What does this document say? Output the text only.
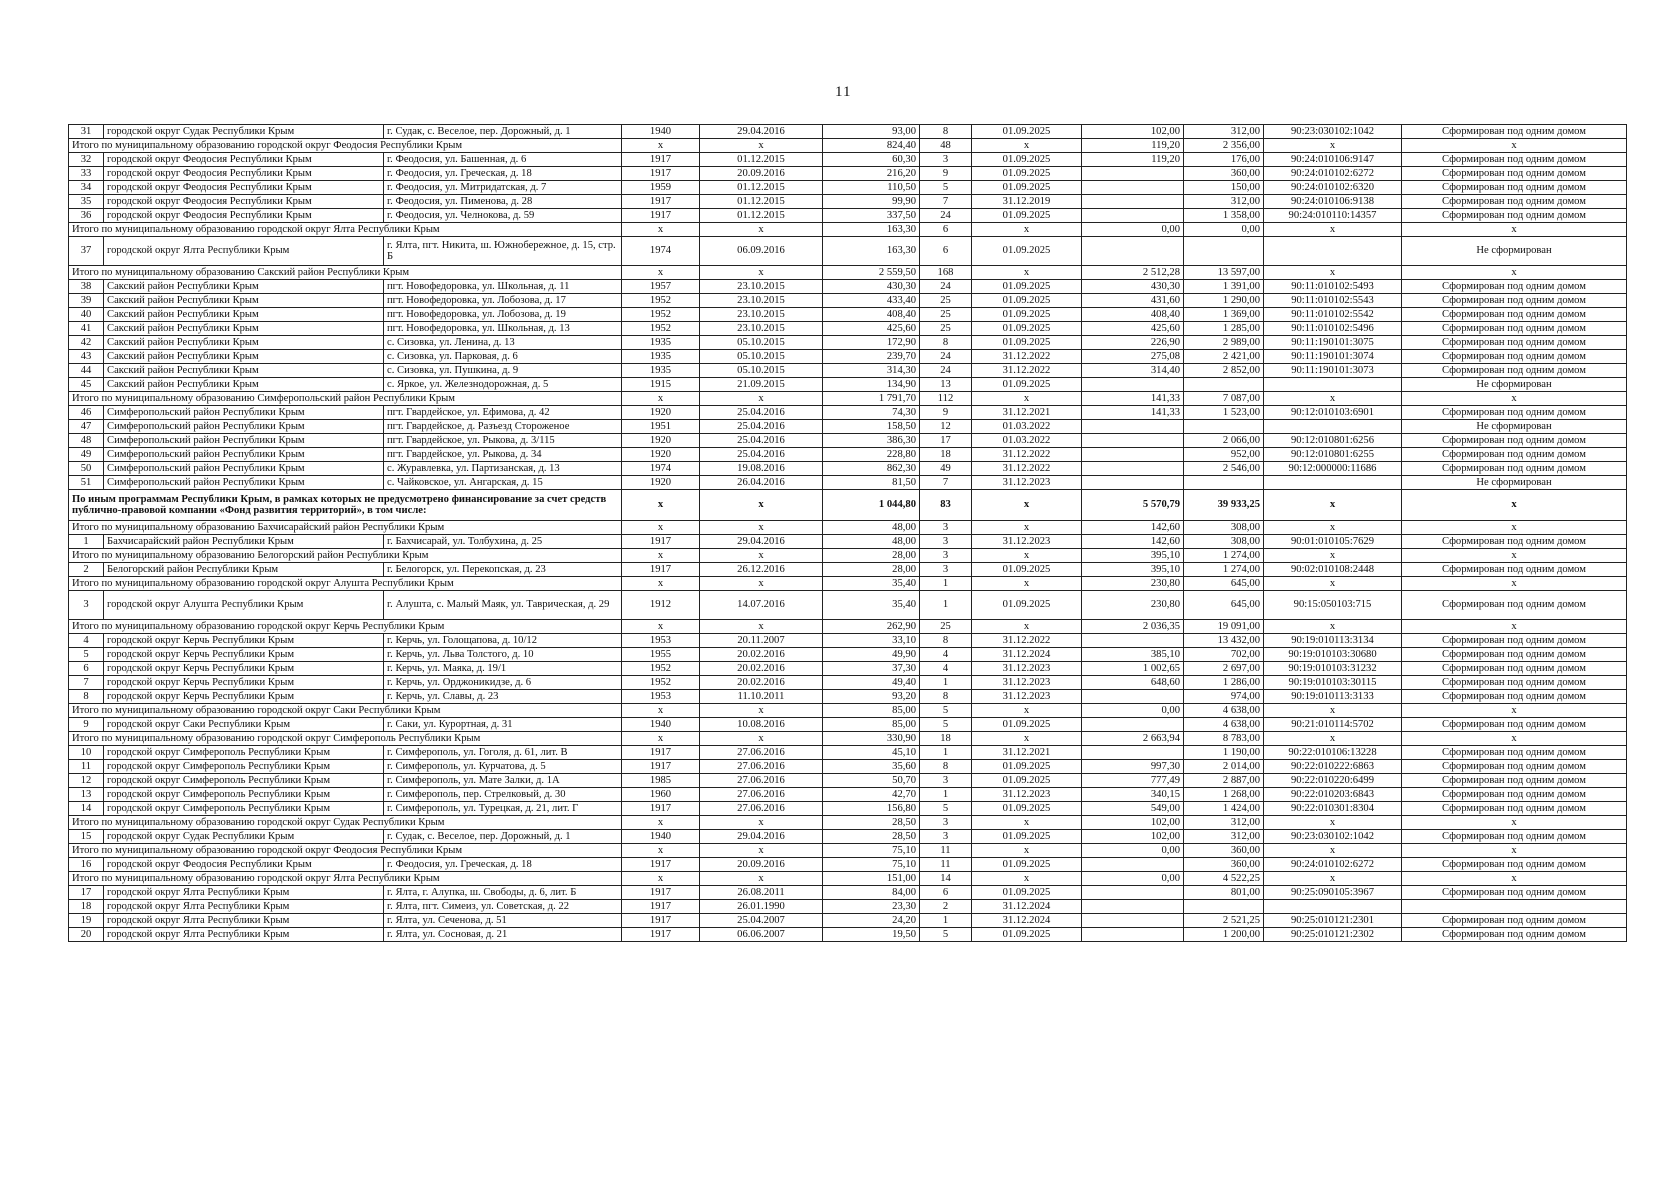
11
31	городской округ Судак Республики Крым	г. Судак, с. Веселое, пер. Дорожный, д. 1	1940	29.04.2016	93,00	8	01.09.2025	102,00	312,00	90:23:030102:1042	Сформирован под одним домом
Итого по муниципальному образованию городской округ Феодосия Республики Крым			x	x	824,40	48	x	119,20	2 356,00	x	x
32	городской округ Феодосия Республики Крым	г. Феодосия, ул. Башенная, д. 6	1917	01.12.2015	60,30	3	01.09.2025	119,20	176,00	90:24:010106:9147	Сформирован под одним домом
33	городской округ Феодосия Республики Крым	г. Феодосия, ул. Греческая, д. 18	1917	20.09.2016	216,20	9	01.09.2025		360,00	90:24:010102:6272	Сформирован под одним домом
34	городской округ Феодосия Республики Крым	г. Феодосия, ул. Митридатская, д. 7	1959	01.12.2015	110,50	5	01.09.2025		150,00	90:24:010102:6320	Сформирован под одним домом
35	городской округ Феодосия Республики Крым	г. Феодосия, ул. Пименова, д. 28	1917	01.12.2015	99,90	7	31.12.2019		312,00	90:24:010106:9138	Сформирован под одним домом
36	городской округ Феодосия Республики Крым	г. Феодосия, ул. Челнокова, д. 59	1917	01.12.2015	337,50	24	01.09.2025		1 358,00	90:24:010110:14357	Сформирован под одним домом
Итого по муниципальному образованию городской округ Ялта Республики Крым			x	x	163,30	6	x	0,00	0,00	x	x
37	городской округ Ялта Республики Крым	г. Ялта, пгт. Никита, ш. Южнобережное, д. 15, стр. Б	1974	06.09.2016	163,30	6	01.09.2025				Не сформирован
Итого по муниципальному образованию Сакский район Республики Крым			x	x	2 559,50	168	x	2 512,28	13 597,00	x	x
38	Сакский район Республики Крым	пгт. Новофедоровка, ул. Школьная, д. 11	1957	23.10.2015	430,30	24	01.09.2025	430,30	1 391,00	90:11:010102:5493	Сформирован под одним домом
39	Сакский район Республики Крым	пгт. Новофедоровка, ул. Лобозова, д. 17	1952	23.10.2015	433,40	25	01.09.2025	431,60	1 290,00	90:11:010102:5543	Сформирован под одним домом
40	Сакский район Республики Крым	пгт. Новофедоровка, ул. Лобозова, д. 19	1952	23.10.2015	408,40	25	01.09.2025	408,40	1 369,00	90:11:010102:5542	Сформирован под одним домом
41	Сакский район Республики Крым	пгт. Новофедоровка, ул. Школьная, д. 13	1952	23.10.2015	425,60	25	01.09.2025	425,60	1 285,00	90:11:010102:5496	Сформирован под одним домом
42	Сакский район Республики Крым	с. Сизовка, ул. Ленина, д. 13	1935	05.10.2015	172,90	8	01.09.2025	226,90	2 989,00	90:11:190101:3075	Сформирован под одним домом
43	Сакский район Республики Крым	с. Сизовка, ул. Парковая, д. 6	1935	05.10.2015	239,70	24	31.12.2022	275,08	2 421,00	90:11:190101:3074	Сформирован под одним домом
44	Сакский район Республики Крым	с. Сизовка, ул. Пушкина, д. 9	1935	05.10.2015	314,30	24	31.12.2022	314,40	2 852,00	90:11:190101:3073	Сформирован под одним домом
45	Сакский район Республики Крым	с. Яркое, ул. Железнодорожная, д. 5	1915	21.09.2015	134,90	13	01.09.2025				Не сформирован
Итого по муниципальному образованию Симферопольский район Республики Крым			x	x	1 791,70	112	x	141,33	7 087,00	x	x
46	Симферопольский район Республики Крым	пгт. Гвардейское, ул. Ефимова, д. 42	1920	25.04.2016	74,30	9	31.12.2021	141,33	1 523,00	90:12:010103:6901	Сформирован под одним домом
47	Симферопольский район Республики Крым	пгт. Гвардейское, д. Разъезд Стороженое	1951	25.04.2016	158,50	12	01.03.2022				Не сформирован
48	Симферопольский район Республики Крым	пгт. Гвардейское, ул. Рыкова, д. 3/115	1920	25.04.2016	386,30	17	01.03.2022		2 066,00	90:12:010801:6256	Сформирован под одним домом
49	Симферопольский район Республики Крым	пгт. Гвардейское, ул. Рыкова, д. 34	1920	25.04.2016	228,80	18	31.12.2022		952,00	90:12:010801:6255	Сформирован под одним домом
50	Симферопольский район Республики Крым	с. Журавлевка, ул. Партизанская, д. 13	1974	19.08.2016	862,30	49	31.12.2022		2 546,00	90:12:000000:11686	Сформирован под одним домом
51	Симферопольский район Республики Крым	с. Чайковское, ул. Ангарская, д. 15	1920	26.04.2016	81,50	7	31.12.2023				Не сформирован
По иным программам Республики Крым, в рамках которых не предусмотрено финансирование за счет средств публично-правовой компании «Фонд развития территорий», в том числе:			x	x	1 044,80	83	x	5 570,79	39 933,25	x	x
Итого по муниципальному образованию Бахчисарайский район Республики Крым			x	x	48,00	3	x	142,60	308,00	x	x
1	Бахчисарайский район Республики Крым	г. Бахчисарай, ул. Толбухина, д. 25	1917	29.04.2016	48,00	3	31.12.2023	142,60	308,00	90:01:010105:7629	Сформирован под одним домом
Итого по муниципальному образованию Белогорский район Республики Крым			x	x	28,00	3	x	395,10	1 274,00	x	x
2	Белогорский район Республики Крым	г. Белогорск, ул. Перекопская, д. 23	1917	26.12.2016	28,00	3	01.09.2025	395,10	1 274,00	90:02:010108:2448	Сформирован под одним домом
Итого по муниципальному образованию городской округ Алушта Республики Крым			x	x	35,40	1	x	230,80	645,00	x	x
3	городской округ Алушта Республики Крым	г. Алушта, с. Малый Маяк, ул. Таврическая, д. 29	1912	14.07.2016	35,40	1	01.09.2025	230,80	645,00	90:15:050103:715	Сформирован под одним домом
Итого по муниципальному образованию городской округ Керчь Республики Крым			x	x	262,90	25	x	2 036,35	19 091,00	x	x
4	городской округ Керчь Республики Крым	г. Керчь, ул. Голощапова, д. 10/12	1953	20.11.2007	33,10	8	31.12.2022		13 432,00	90:19:010113:3134	Сформирован под одним домом
5	городской округ Керчь Республики Крым	г. Керчь, ул. Льва Толстого, д. 10	1955	20.02.2016	49,90	4	31.12.2024	385,10	702,00	90:19:010103:30680	Сформирован под одним домом
6	городской округ Керчь Республики Крым	г. Керчь, ул. Маяка, д. 19/1	1952	20.02.2016	37,30	4	31.12.2023	1 002,65	2 697,00	90:19:010103:31232	Сформирован под одним домом
7	городской округ Керчь Республики Крым	г. Керчь, ул. Орджоникидзе, д. 6	1952	20.02.2016	49,40	1	31.12.2023	648,60	1 286,00	90:19:010103:30115	Сформирован под одним домом
8	городской округ Керчь Республики Крым	г. Керчь, ул. Славы, д. 23	1953	11.10.2011	93,20	8	31.12.2023		974,00	90:19:010113:3133	Сформирован под одним домом
Итого по муниципальному образованию городской округ Саки Республики Крым			x	x	85,00	5	x	0,00	4 638,00	x	x
9	городской округ Саки Республики Крым	г. Саки, ул. Курортная, д. 31	1940	10.08.2016	85,00	5	01.09.2025		4 638,00	90:21:010114:5702	Сформирован под одним домом
Итого по муниципальному образованию городской округ Симферополь Республики Крым			x	x	330,90	18	x	2 663,94	8 783,00	x	x
10	городской округ Симферополь Республики Крым	г. Симферополь, ул. Гоголя, д. 61, лит. В	1917	27.06.2016	45,10	1	31.12.2021		1 190,00	90:22:010106:13228	Сформирован под одним домом
11	городской округ Симферополь Республики Крым	г. Симферополь, ул. Курчатова, д. 5	1917	27.06.2016	35,60	8	01.09.2025	997,30	2 014,00	90:22:010222:6863	Сформирован под одним домом
12	городской округ Симферополь Республики Крым	г. Симферополь, ул. Мате Залки, д. 1А	1985	27.06.2016	50,70	3	01.09.2025	777,49	2 887,00	90:22:010220:6499	Сформирован под одним домом
13	городской округ Симферополь Республики Крым	г. Симферополь, пер. Стрелковый, д. 30	1960	27.06.2016	42,70	1	31.12.2023	340,15	1 268,00	90:22:010203:6843	Сформирован под одним домом
14	городской округ Симферополь Республики Крым	г. Симферополь, ул. Турецкая, д. 21, лит. Г	1917	27.06.2016	156,80	5	01.09.2025	549,00	1 424,00	90:22:010301:8304	Сформирован под одним домом
Итого по муниципальному образованию городской округ Судак Республики Крым			x	x	28,50	3	x	102,00	312,00	x	x
15	городской округ Судак Республики Крым	г. Судак, с. Веселое, пер. Дорожный, д. 1	1940	29.04.2016	28,50	3	01.09.2025	102,00	312,00	90:23:030102:1042	Сформирован под одним домом
Итого по муниципальному образованию городской округ Феодосия Республики Крым			x	x	75,10	11	x	0,00	360,00	x	x
16	городской округ Феодосия Республики Крым	г. Феодосия, ул. Греческая, д. 18	1917	20.09.2016	75,10	11	01.09.2025		360,00	90:24:010102:6272	Сформирован под одним домом
Итого по муниципальному образованию городской округ Ялта Республики Крым			x	x	151,00	14	x	0,00	4 522,25	x	x
17	городской округ Ялта Республики Крым	г. Ялта, г. Алупка, ш. Свободы, д. 6, лит. Б	1917	26.08.2011	84,00	6	01.09.2025		801,00	90:25:090105:3967	Сформирован под одним домом
18	городской округ Ялта Республики Крым	г. Ялта, пгт. Симеиз, ул. Советская, д. 22	1917	26.01.1990	23,30	2	31.12.2024				
19	городской округ Ялта Республики Крым	г. Ялта, ул. Сеченова, д. 51	1917	25.04.2007	24,20	1	31.12.2024		2 521,25	90:25:010121:2301	Сформирован под одним домом
20	городской округ Ялта Республики Крым	г. Ялта, ул. Сосновая, д. 21	1917	06.06.2007	19,50	5	01.09.2025		1 200,00	90:25:010121:2302	Сформирован под одним домом
